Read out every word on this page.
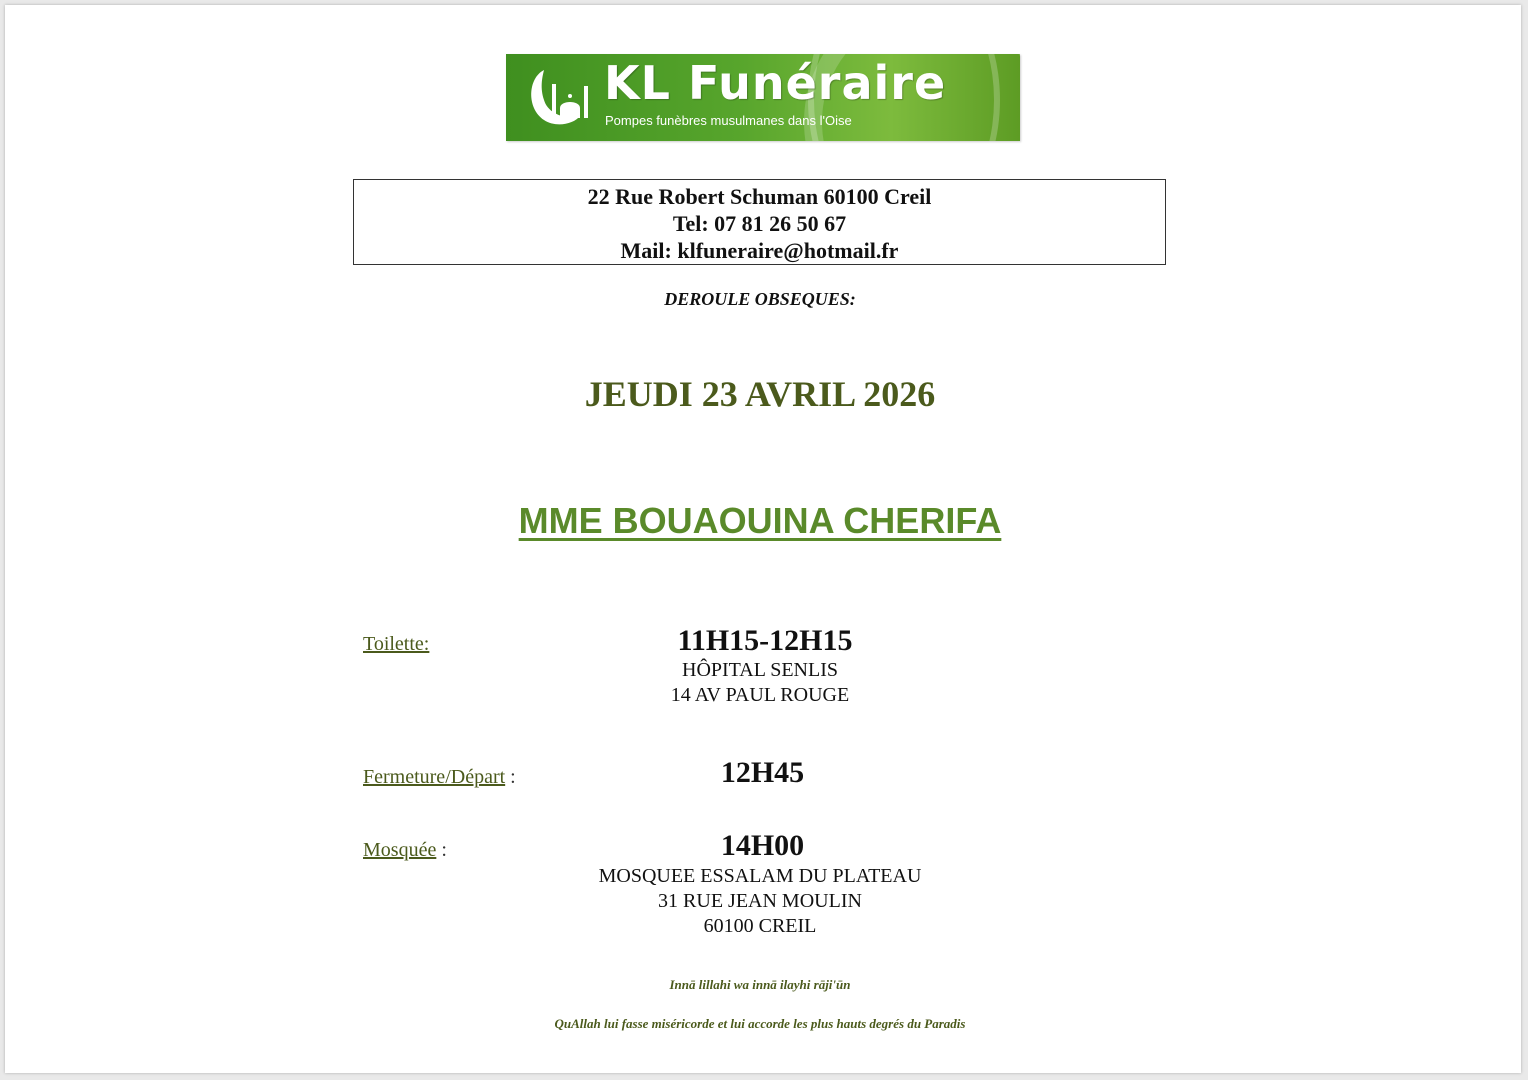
KL Funéraire
Pompes funèbres musulmanes dans l'Oise
22 Rue Robert Schuman 60100 Creil
Tel: 07 81 26 50 67
Mail: klfuneraire@hotmail.fr
DEROULE OBSEQUES:
JEUDI 23 AVRIL 2026
MME BOUAOUINA CHERIFA
Toilette:	11H15-12H15
HÔPITAL SENLIS
14 AV PAUL ROUGE
Fermeture/Départ :	12H45
Mosquée :	14H00
MOSQUEE ESSALAM DU PLATEAU
31 RUE JEAN MOULIN
60100 CREIL
Innā lillahi wa innā ilayhi rāji'ūn
QuAllah lui fasse miséricorde et lui accorde les plus hauts degrés du Paradis
